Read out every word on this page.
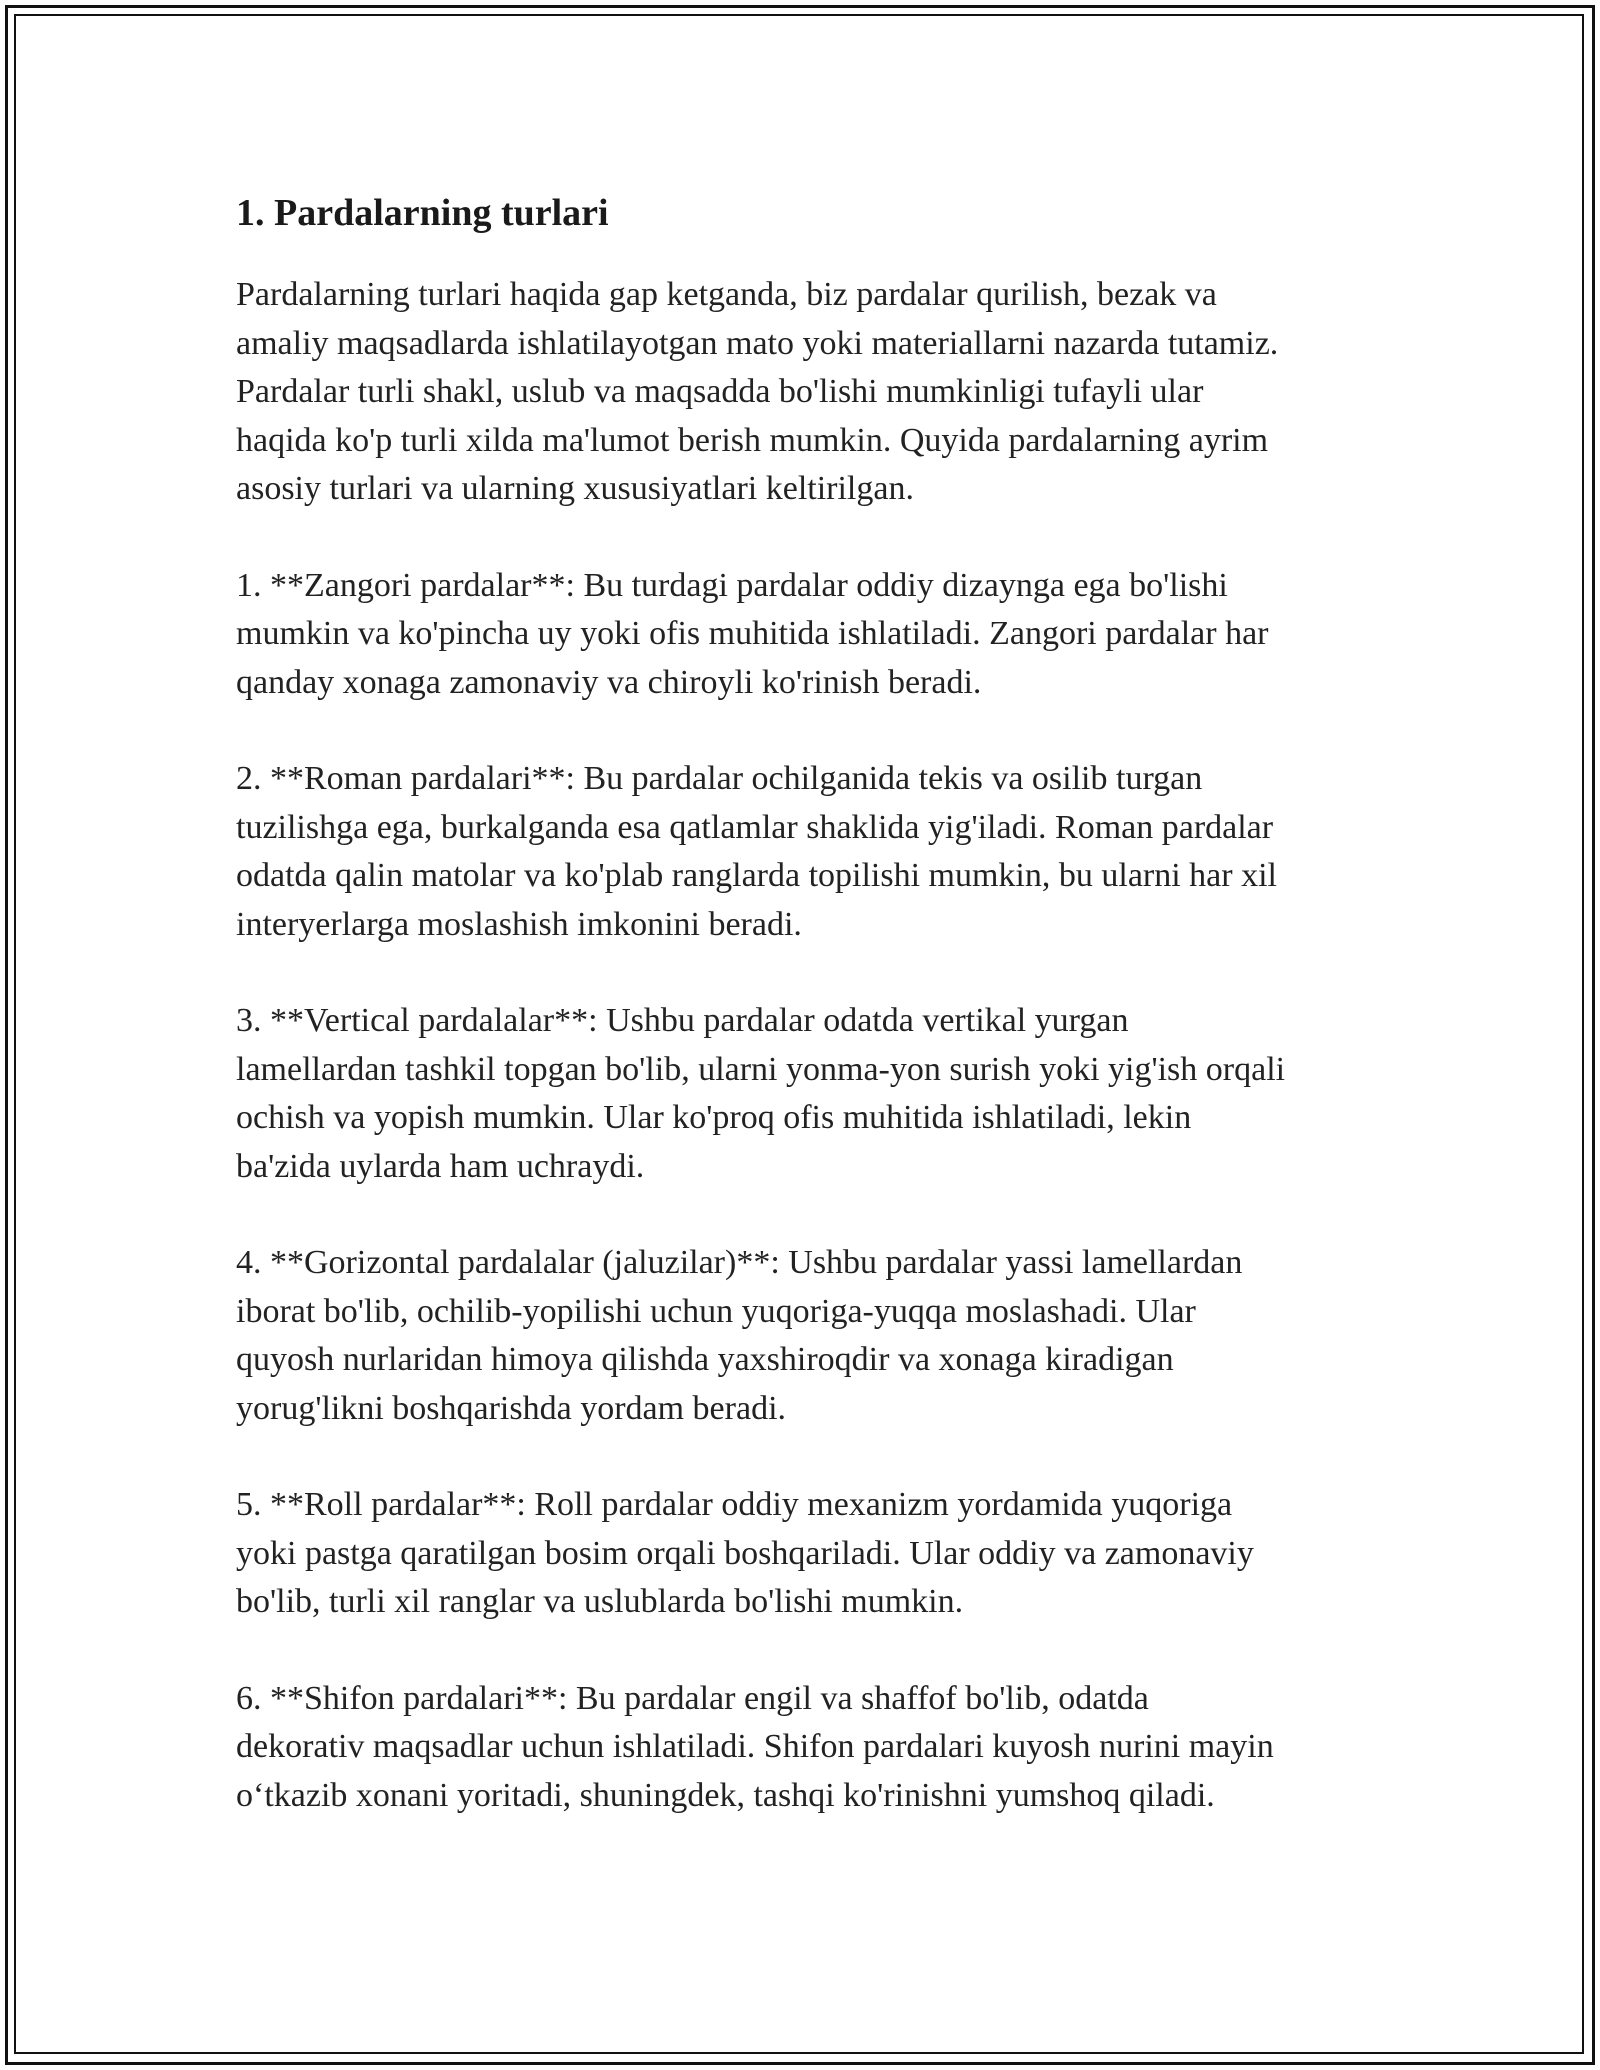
1. Pardalarning turlari

Pardalarning turlari haqida gap ketganda, biz pardalar qurilish, bezak va
amaliy maqsadlarda ishlatilayotgan mato yoki materiallarni nazarda tutamiz.
Pardalar turli shakl, uslub va maqsadda bo'lishi mumkinligi tufayli ular
haqida ko'p turli xilda ma'lumot berish mumkin. Quyida pardalarning ayrim
asosiy turlari va ularning xususiyatlari keltirilgan.

1. **Zangori pardalar**: Bu turdagi pardalar oddiy dizaynga ega bo'lishi
mumkin va ko'pincha uy yoki ofis muhitida ishlatiladi. Zangori pardalar har
qanday xonaga zamonaviy va chiroyli ko'rinish beradi.

2. **Roman pardalari**: Bu pardalar ochilganida tekis va osilib turgan
tuzilishga ega, burkalganda esa qatlamlar shaklida yig'iladi. Roman pardalar
odatda qalin matolar va ko'plab ranglarda topilishi mumkin, bu ularni har xil
interyerlarga moslashish imkonini beradi.

3. **Vertical pardalalar**: Ushbu pardalar odatda vertikal yurgan
lamellardan tashkil topgan bo'lib, ularni yonma-yon surish yoki yig'ish orqali
ochish va yopish mumkin. Ular ko'proq ofis muhitida ishlatiladi, lekin
ba'zida uylarda ham uchraydi.

4. **Gorizontal pardalalar (jaluzilar)**: Ushbu pardalar yassi lamellardan
iborat bo'lib, ochilib-yopilishi uchun yuqoriga-yuqqa moslashadi. Ular
quyosh nurlaridan himoya qilishda yaxshiroqdir va xonaga kiradigan
yorug'likni boshqarishda yordam beradi.

5. **Roll pardalar**: Roll pardalar oddiy mexanizm yordamida yuqoriga
yoki pastga qaratilgan bosim orqali boshqariladi. Ular oddiy va zamonaviy
bo'lib, turli xil ranglar va uslublarda bo'lishi mumkin.

6. **Shifon pardalari**: Bu pardalar engil va shaffof bo'lib, odatda
dekorativ maqsadlar uchun ishlatiladi. Shifon pardalari kuyosh nurini mayin
o‘tkazib xonani yoritadi, shuningdek, tashqi ko'rinishni yumshoq qiladi.
